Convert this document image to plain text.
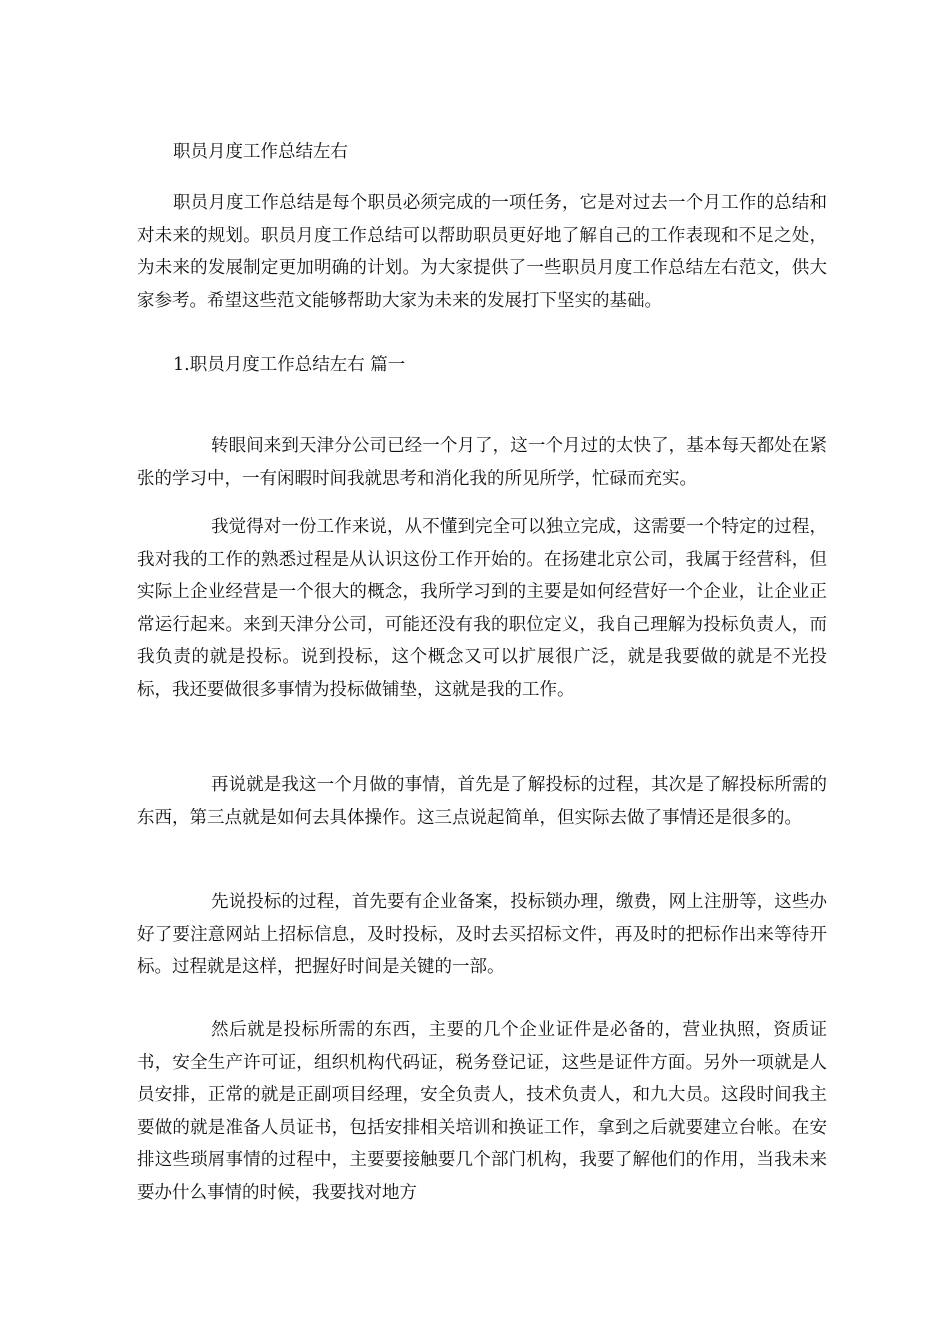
职员月度工作总结左右

职员月度工作总结是每个职员必须完成的一项任务，它是对过去一个月工作的总结和对未来的规划。职员月度工作总结可以帮助职员更好地了解自己的工作表现和不足之处，为未来的发展制定更加明确的计划。为大家提供了一些职员月度工作总结左右范文，供大家参考。希望这些范文能够帮助大家为未来的发展打下坚实的基础。

1.职员月度工作总结左右 篇一

转眼间来到天津分公司已经一个月了，这一个月过的太快了，基本每天都处在紧张的学习中，一有闲暇时间我就思考和消化我的所见所学，忙碌而充实。

我觉得对一份工作来说，从不懂到完全可以独立完成，这需要一个特定的过程，我对我的工作的熟悉过程是从认识这份工作开始的。在扬建北京公司，我属于经营科，但实际上企业经营是一个很大的概念，我所学习到的主要是如何经营好一个企业，让企业正常运行起来。来到天津分公司，可能还没有我的职位定义，我自己理解为投标负责人，而我负责的就是投标。说到投标，这个概念又可以扩展很广泛，就是我要做的就是不光投标，我还要做很多事情为投标做铺垫，这就是我的工作。

再说就是我这一个月做的事情，首先是了解投标的过程，其次是了解投标所需的东西，第三点就是如何去具体操作。这三点说起简单，但实际去做了事情还是很多的。

先说投标的过程，首先要有企业备案，投标锁办理，缴费，网上注册等，这些办好了要注意网站上招标信息，及时投标，及时去买招标文件，再及时的把标作出来等待开标。过程就是这样，把握好时间是关键的一部。

然后就是投标所需的东西，主要的几个企业证件是必备的，营业执照，资质证书，安全生产许可证，组织机构代码证，税务登记证，这些是证件方面。另外一项就是人员安排，正常的就是正副项目经理，安全负责人，技术负责人，和九大员。这段时间我主要做的就是准备人员证书，包括安排相关培训和换证工作，拿到之后就要建立台帐。在安排这些琐屑事情的过程中，主要要接触要几个部门机构，我要了解他们的作用，当我未来要办什么事情的时候，我要找对地方
